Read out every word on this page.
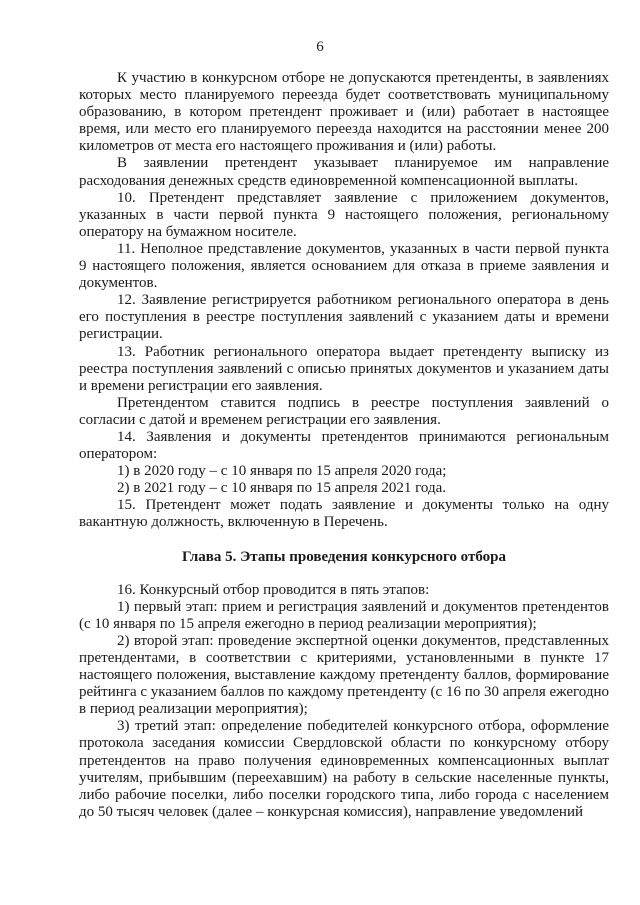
6

К участию в конкурсном отборе не допускаются претенденты, в заявлениях которых место планируемого переезда будет соответствовать муниципальному образованию, в котором претендент проживает и (или) работает в настоящее время, или место его планируемого переезда находится на расстоянии менее 200 километров от места его настоящего проживания и (или) работы.

В заявлении претендент указывает планируемое им направление расходования денежных средств единовременной компенсационной выплаты.

10. Претендент представляет заявление с приложением документов, указанных в части первой пункта 9 настоящего положения, региональному оператору на бумажном носителе.

11. Неполное представление документов, указанных в части первой пункта 9 настоящего положения, является основанием для отказа в приеме заявления и документов.

12. Заявление регистрируется работником регионального оператора в день его поступления в реестре поступления заявлений с указанием даты и времени регистрации.

13. Работник регионального оператора выдает претенденту выписку из реестра поступления заявлений с описью принятых документов и указанием даты и времени регистрации его заявления.

Претендентом ставится подпись в реестре поступления заявлений о согласии с датой и временем регистрации его заявления.

14. Заявления и документы претендентов принимаются региональным оператором:

1) в 2020 году – с 10 января по 15 апреля 2020 года;

2) в 2021 году – с 10 января по 15 апреля 2021 года.

15. Претендент может подать заявление и документы только на одну вакантную должность, включенную в Перечень.

Глава 5. Этапы проведения конкурсного отбора

16. Конкурсный отбор проводится в пять этапов:

1) первый этап: прием и регистрация заявлений и документов претендентов (с 10 января по 15 апреля ежегодно в период реализации мероприятия);

2) второй этап: проведение экспертной оценки документов, представленных претендентами, в соответствии с критериями, установленными в пункте 17 настоящего положения, выставление каждому претенденту баллов, формирование рейтинга с указанием баллов по каждому претенденту (с 16 по 30 апреля ежегодно в период реализации мероприятия);

3) третий этап: определение победителей конкурсного отбора, оформление протокола заседания комиссии Свердловской области по конкурсному отбору претендентов на право получения единовременных компенсационных выплат учителям, прибывшим (переехавшим) на работу в сельские населенные пункты, либо рабочие поселки, либо поселки городского типа, либо города с населением до 50 тысяч человек (далее – конкурсная комиссия), направление уведомлений
